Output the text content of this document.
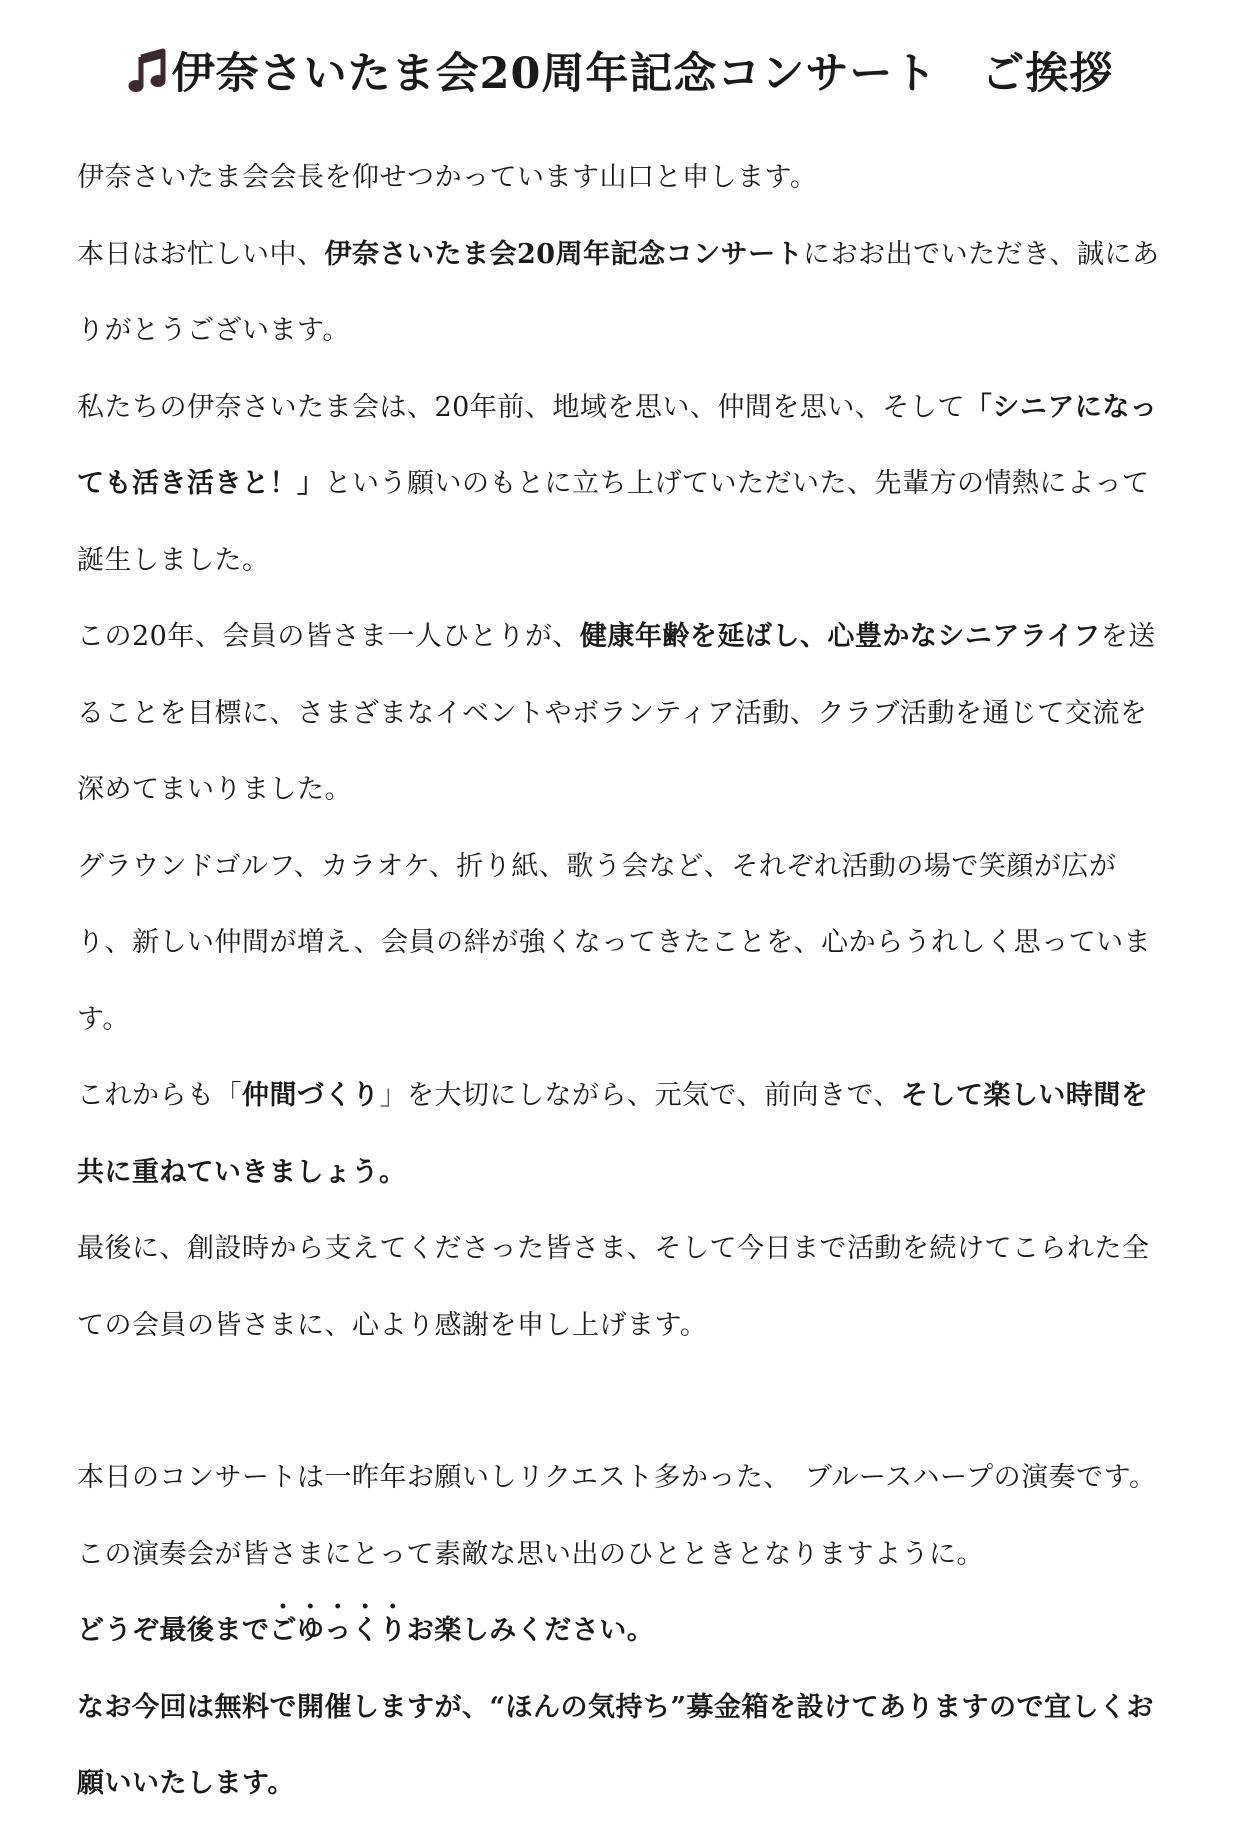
伊奈さいたま会20周年記念コンサート　ご挨拶

伊奈さいたま会会長を仰せつかっています山口と申します。

本日はお忙しい中、伊奈さいたま会20周年記念コンサートにおお出でいただき、誠にありがとうございます。

私たちの伊奈さいたま会は、20年前、地域を思い、仲間を思い、そして「シニアになっても活き活きと！」という願いのもとに立ち上げていただいた、先輩方の情熱によって誕生しました。

この20年、会員の皆さま一人ひとりが、健康年齢を延ばし、心豊かなシニアライフを送ることを目標に、さまざまなイベントやボランティア活動、クラブ活動を通じて交流を深めてまいりました。

グラウンドゴルフ、カラオケ、折り紙、歌う会など、それぞれ活動の場で笑顔が広がり、新しい仲間が増え、会員の絆が強くなってきたことを、心からうれしく思っています。

これからも「仲間づくり」を大切にしながら、元気で、前向きで、そして楽しい時間を共に重ねていきましょう。

最後に、創設時から支えてくださった皆さま、そして今日まで活動を続けてこられた全ての会員の皆さまに、心より感謝を申し上げます。

本日のコンサートは一昨年お願いしリクエスト多かった、　ブルースハープの演奏です。

この演奏会が皆さまにとって素敵な思い出のひとときとなりますように。

どうぞ最後までごゆっくりお楽しみください。

なお今回は無料で開催しますが、“ほんの気持ち”募金箱を設けてありますので宜しくお願いいたします。
